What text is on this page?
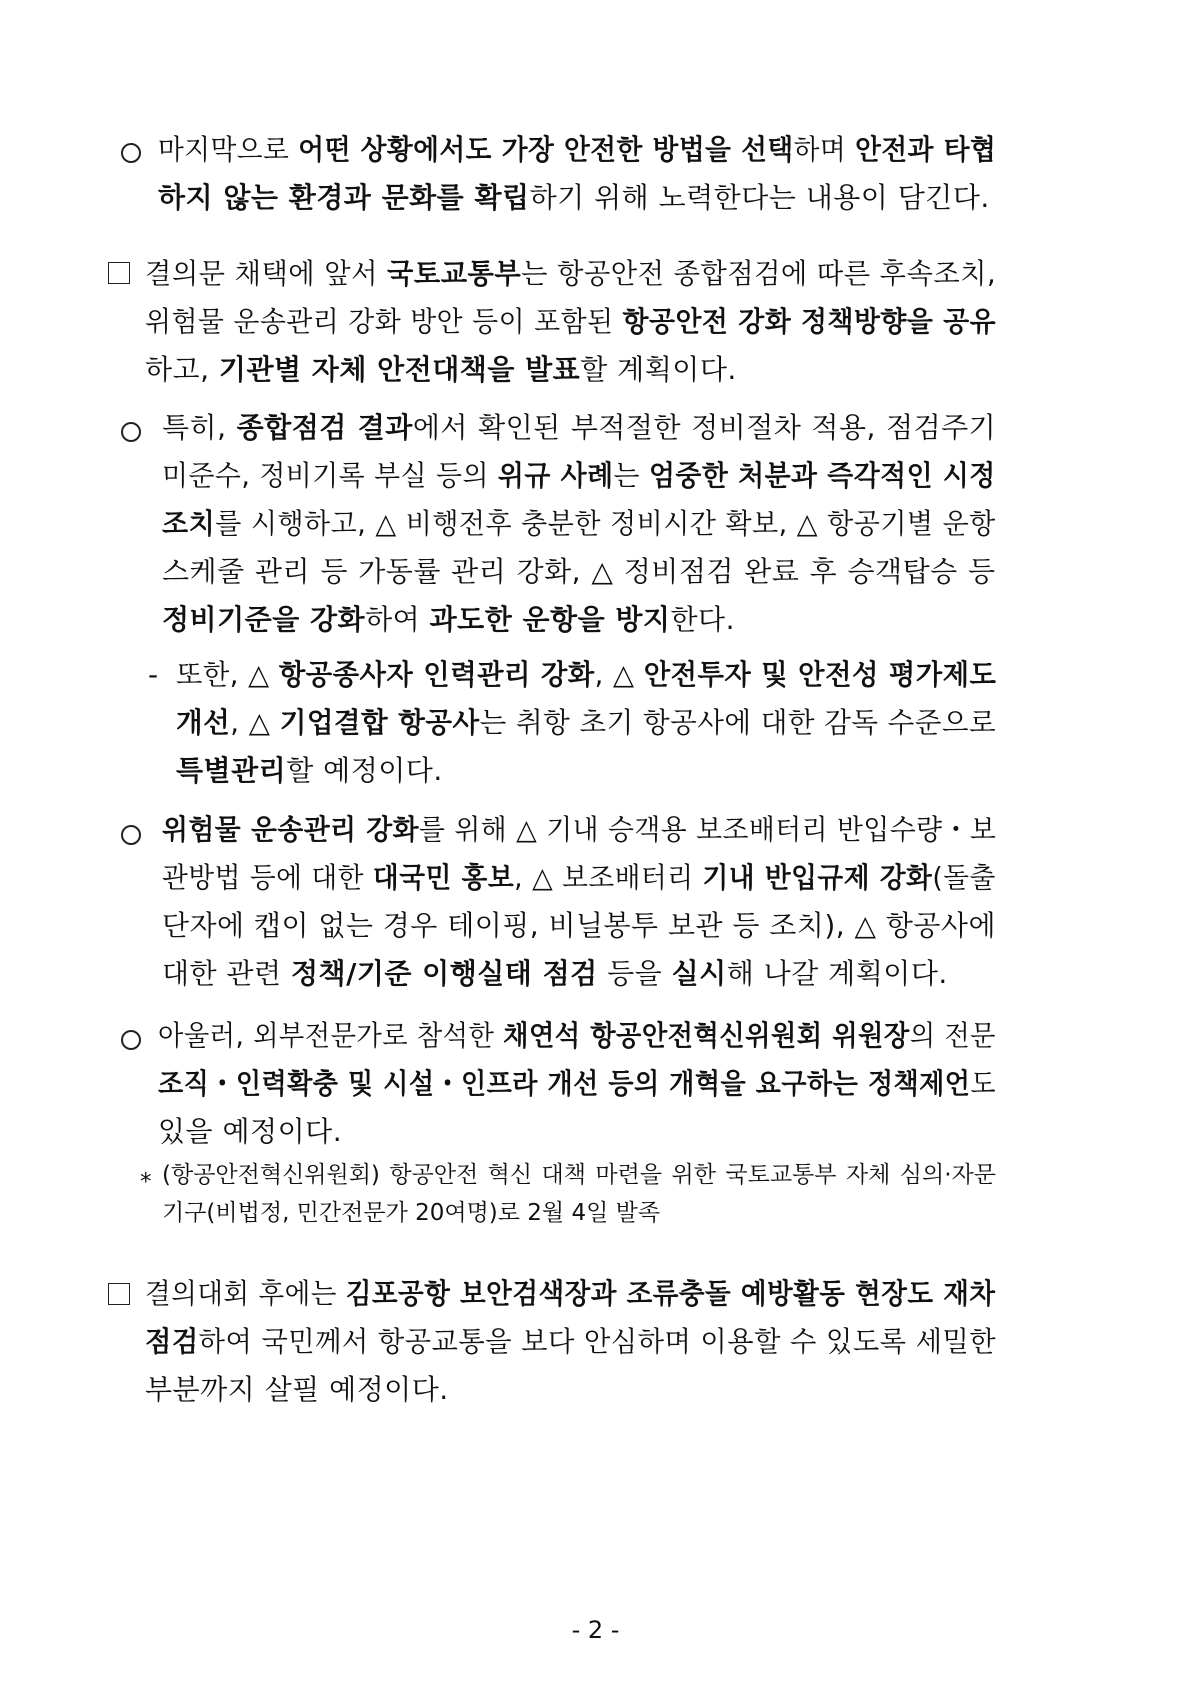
마지막으로 어떤 상황에서도 가장 안전한 방법을 선택하며 안전과 타협
하지 않는 환경과 문화를 확립하기 위해 노력한다는 내용이 담긴다.
결의문 채택에 앞서 국토교통부는 항공안전 종합점검에 따른 후속조치,
위험물 운송관리 강화 방안 등이 포함된 항공안전 강화 정책방향을 공유
하고, 기관별 자체 안전대책을 발표할 계획이다.
특히, 종합점검 결과에서 확인된 부적절한 정비절차 적용, 점검주기
미준수, 정비기록 부실 등의 위규 사례는 엄중한 처분과 즉각적인 시정
조치를 시행하고, △ 비행전후 충분한 정비시간 확보, △ 항공기별 운항
스케줄 관리 등 가동률 관리 강화, △ 정비점검 완료 후 승객탑승 등
정비기준을 강화하여 과도한 운항을 방지한다.
- 또한, △ 항공종사자 인력관리 강화, △ 안전투자 및 안전성 평가제도
개선, △ 기업결합 항공사는 취항 초기 항공사에 대한 감독 수준으로
특별관리할 예정이다.
위험물 운송관리 강화를 위해 △ 기내 승객용 보조배터리 반입수량・보
관방법 등에 대한 대국민 홍보, △ 보조배터리 기내 반입규제 강화(돌출
단자에 캡이 없는 경우 테이핑, 비닐봉투 보관 등 조치), △ 항공사에
대한 관련 정책/기준 이행실태 점검 등을 실시해 나갈 계획이다.
아울러, 외부전문가로 참석한 채연석 항공안전혁신위원회 위원장의 전문
조직・인력확충 및 시설・인프라 개선 등의 개혁을 요구하는 정책제언도
있을 예정이다.
* (항공안전혁신위원회) 항공안전 혁신 대책 마련을 위한 국토교통부 자체 심의·자문
기구(비법정, 민간전문가 20여명)로 2월 4일 발족
결의대회 후에는 김포공항 보안검색장과 조류충돌 예방활동 현장도 재차
점검하여 국민께서 항공교통을 보다 안심하며 이용할 수 있도록 세밀한
부분까지 살필 예정이다.
- 2 -
